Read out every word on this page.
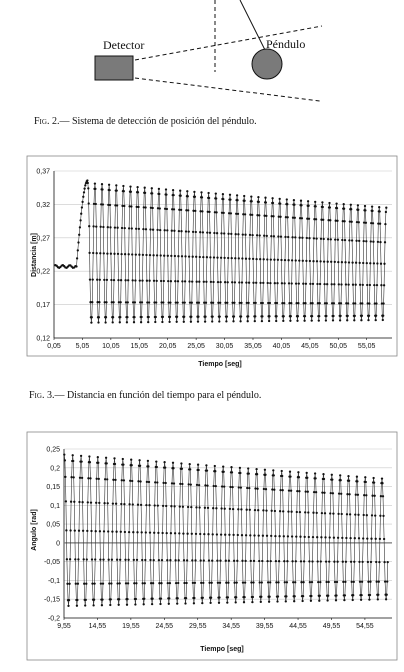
Detector	Péndulo
0,12
0,17
0,22
0,27
0,32
0,37
0,05 5,05 10,05 15,05 20,05 25,05 30,05 35,05 40,05 45,05 50,05 55,05
Tiempo [seg]
Distancia [m]
0,25
0,2
0,15
0,1
0,05
0
-0,05
-0,1
-0,15
-0,2
9,55	14,55 19,55 24,55 29,55 34,55 39,55 44,55 49,55 54,55
Tiempo [seg]
Angulo [rad]
Fig. 2.— Sistema de detección de posición del péndulo.
Fig. 3.— Distancia en función del tiempo para el péndulo.
